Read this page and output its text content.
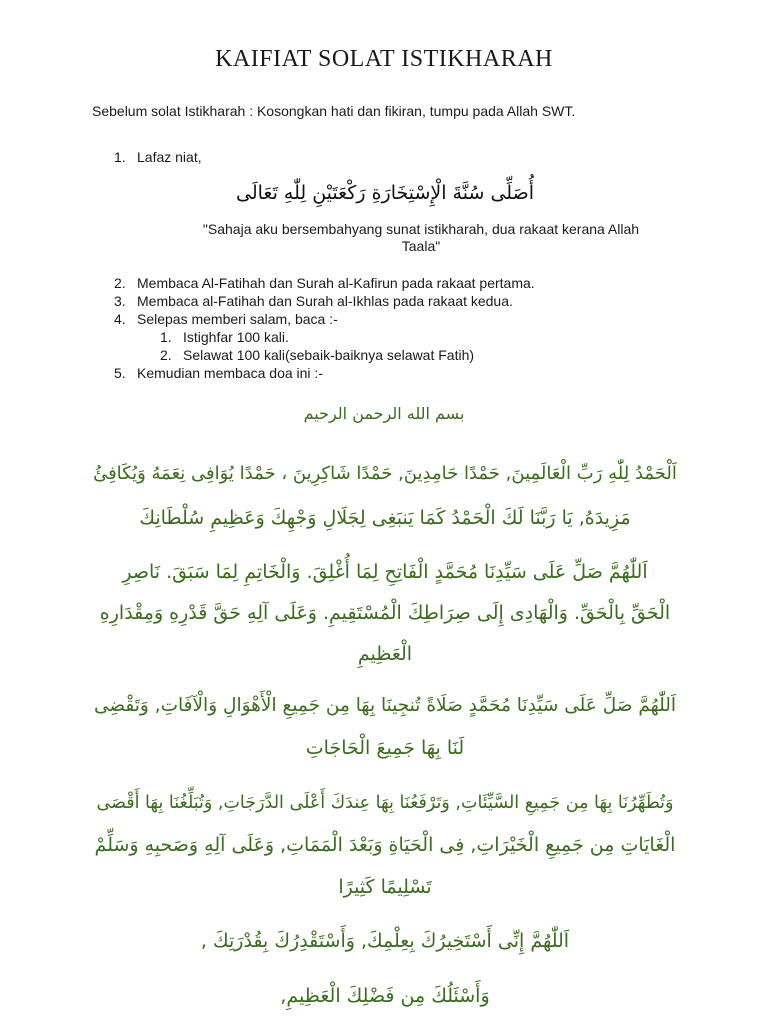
KAIFIAT SOLAT ISTIKHARAH
Sebelum solat Istikharah : Kosongkan hati dan fikiran, tumpu pada Allah SWT.
1. Lafaz niat,
أُصَلِّى سُنَّةَ الْإِسْتِخَارَةِ رَكْعَتَيْنِ لِلّٰهِ تَعَالَى
"Sahaja aku bersembahyang sunat istikharah, dua rakaat kerana Allah
Taala"
2. Membaca Al-Fatihah dan Surah al-Kafirun pada rakaat pertama.
3. Membaca al-Fatihah dan Surah al-Ikhlas pada rakaat kedua.
4. Selepas memberi salam, baca :-
1. Istighfar 100 kali.
2. Selawat 100 kali(sebaik-baiknya selawat Fatih)
5. Kemudian membaca doa ini :-
بسم الله الرحمن الرحيم
اَلْحَمْدُ لِلّٰهِ رَبِّ الْعَالَمِينَ, حَمْدًا حَامِدِينَ, حَمْدًا شَاكِرِينَ ، حَمْدًا يُوَافِى نِعَمَهُ وَيُكَافِئُ
مَزِيدَهُ, يَا رَبَّنَا لَكَ الْحَمْدُ كَمَا يَنبَغِى لِجَلَالِ وَجْهِكَ وَعَظِيمِ سُلْطَانِكَ
اَللّٰهُمَّ صَلِّ عَلَى سَيِّدِنَا مُحَمَّدٍ الْفَاتِحِ لِمَا أُغْلِقَ. وَالْخَاتِمِ لِمَا سَبَقَ. نَاصِرِ
الْحَقِّ بِالْحَقِّ. وَالْهَادِى إِلَى صِرَاطِكَ الْمُسْتَقِيمِ. وَعَلَى آلِهِ حَقَّ قَدْرِهِ وَمِقْدَارِهِ
الْعَظِيمِ
اَللّٰهُمَّ صَلِّ عَلَى سَيِّدِنَا مُحَمَّدٍ صَلَاةً تُنجِينَا بِهَا مِن جَمِيعِ الْأَهْوَالِ وَالْآفَاتِ, وَتَقْضِى
لَنَا بِهَا جَمِيعَ الْحَاجَاتِ
وَتُطَهِّرُنَا بِهَا مِن جَمِيعِ السَّيِّئَاتِ, وَتَرْفَعُنَا بِهَا عِندَكَ أَعْلَى الدَّرَجَاتِ, وَتُبَلِّغُنَا بِهَا أَقْصَى
الْغَايَاتِ مِن جَمِيعِ الْخَيْرَاتِ, فِى الْحَيَاةِ وَبَعْدَ الْمَمَاتِ, وَعَلَى آلِهِ وَصَحبِهِ وَسَلِّمْ
تَسْلِيمًا كَثِيرًا
اَللّٰهُمَّ إِنِّى أَسْتَخِيرُكَ بِعِلْمِكَ, وَأَسْتَقْدِرُكَ بِقُدْرَتِكَ ,
وَأَسْئَلُكَ مِن فَضْلِكَ الْعَظِيمِ,
